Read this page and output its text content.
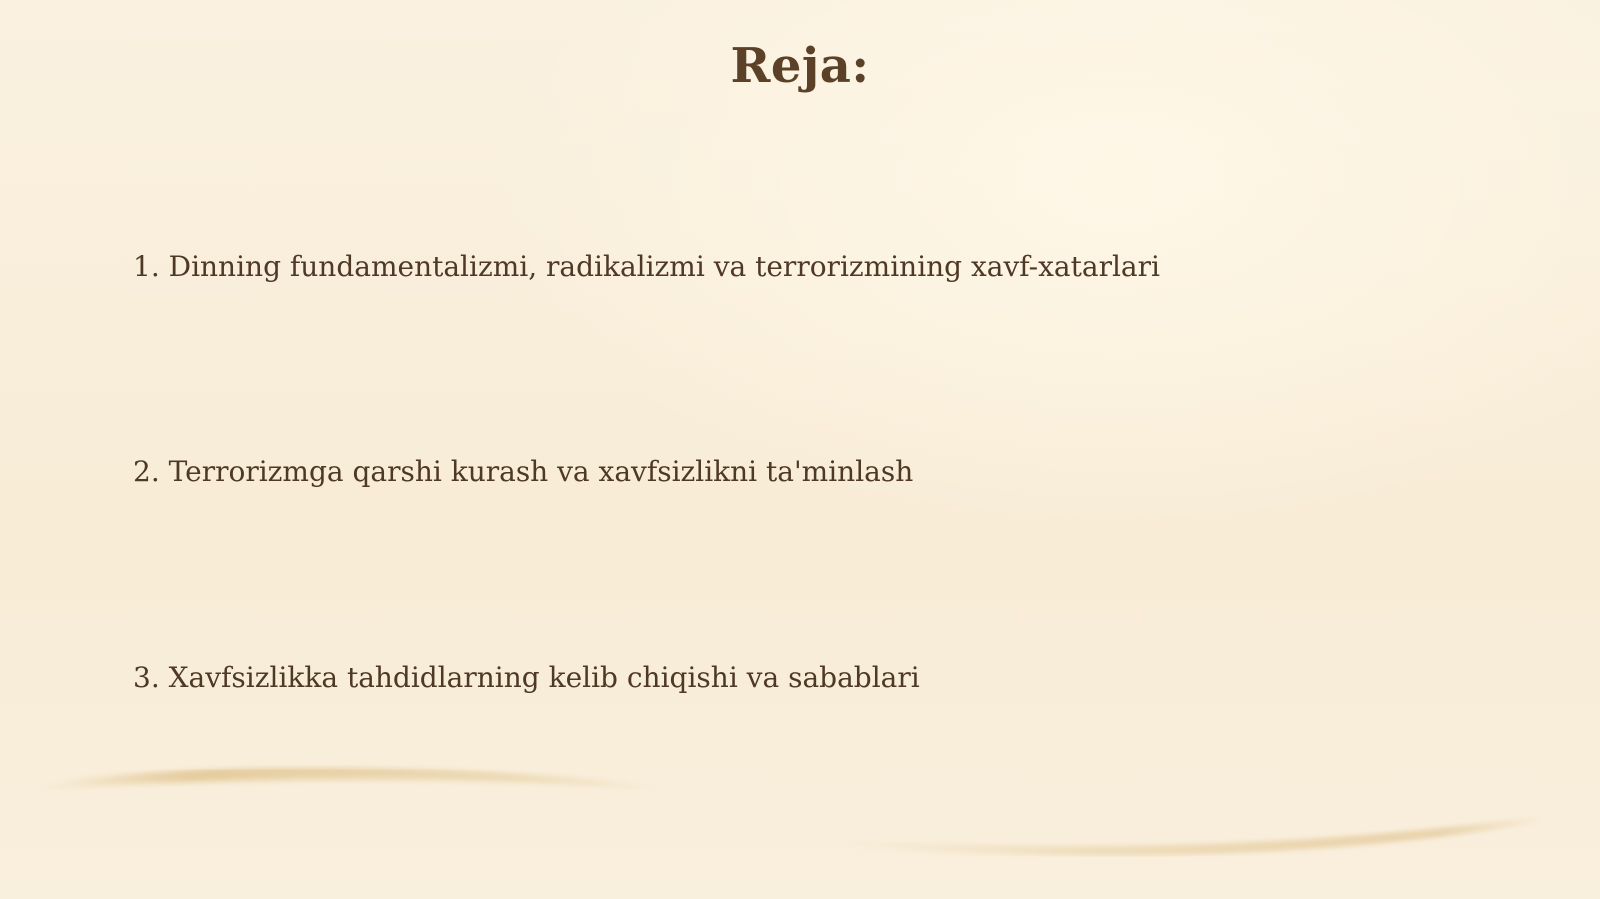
Reja:
1. Dinning fundamentalizmi, radikalizmi va terrorizmining xavf-xatarlari
2. Terrorizmga qarshi kurash va xavfsizlikni ta'minlash
3. Xavfsizlikka tahdidlarning kelib chiqishi va sabablari
